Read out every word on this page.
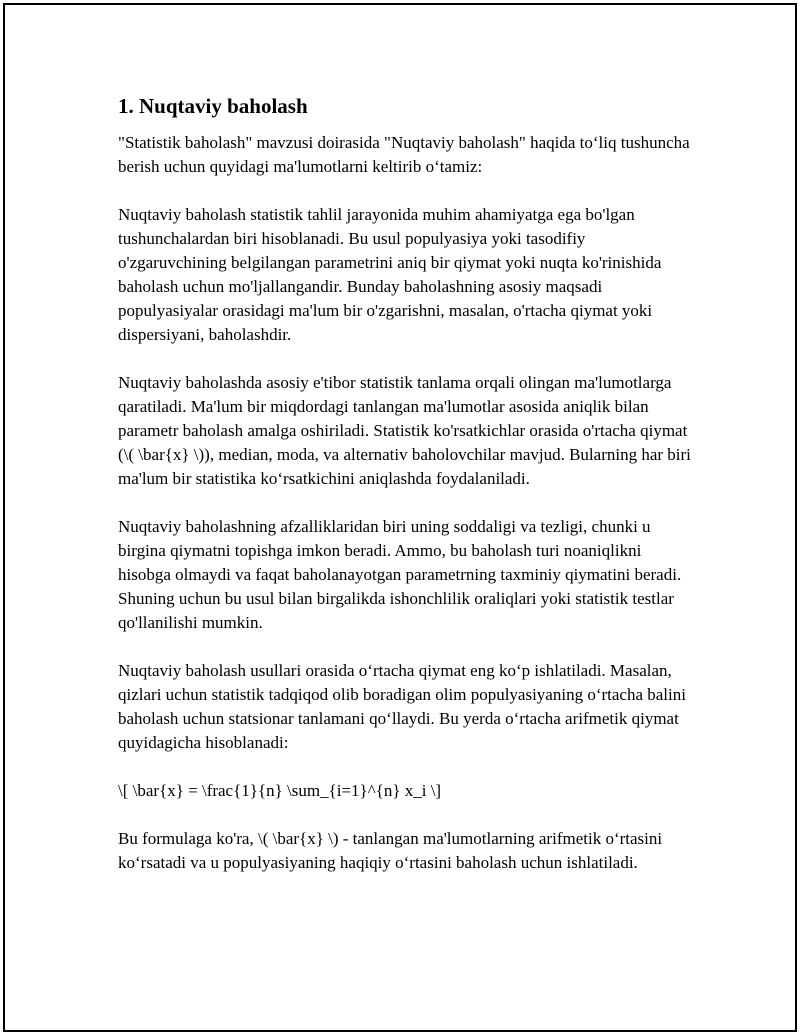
1. Nuqtaviy baholash

"Statistik baholash" mavzusi doirasida "Nuqtaviy baholash" haqida to‘liq tushuncha berish uchun quyidagi ma'lumotlarni keltirib o‘tamiz:

Nuqtaviy baholash statistik tahlil jarayonida muhim ahamiyatga ega bo'lgan tushunchalardan biri hisoblanadi. Bu usul populyasiya yoki tasodifiy o'zgaruvchining belgilangan parametrini aniq bir qiymat yoki nuqta ko'rinishida baholash uchun mo'ljallangandir. Bunday baholashning asosiy maqsadi populyasiyalar orasidagi ma'lum bir o'zgarishni, masalan, o'rtacha qiymat yoki dispersiyani, baholashdir.

Nuqtaviy baholashda asosiy e'tibor statistik tanlama orqali olingan ma'lumotlarga qaratiladi. Ma'lum bir miqdordagi tanlangan ma'lumotlar asosida aniqlik bilan parametr baholash amalga oshiriladi. Statistik ko'rsatkichlar orasida o'rtacha qiymat (\( \bar{x} \)), median, moda, va alternativ baholovchilar mavjud. Bularning har biri ma'lum bir statistika ko‘rsatkichini aniqlashda foydalaniladi.

Nuqtaviy baholashning afzalliklaridan biri uning soddaligi va tezligi, chunki u birgina qiymatni topishga imkon beradi. Ammo, bu baholash turi noaniqlikni hisobga olmaydi va faqat baholanayotgan parametrning taxminiy qiymatini beradi. Shuning uchun bu usul bilan birgalikda ishonchlilik oraliqlari yoki statistik testlar qo'llanilishi mumkin.

Nuqtaviy baholash usullari orasida o‘rtacha qiymat eng ko‘p ishlatiladi. Masalan, qizlari uchun statistik tadqiqod olib boradigan olim populyasiyaning o‘rtacha balini baholash uchun statsionar tanlamani qo‘llaydi. Bu yerda o‘rtacha arifmetik qiymat quyidagicha hisoblanadi:

\[ \bar{x} = \frac{1}{n} \sum_{i=1}^{n} x_i \]

Bu formulaga ko'ra, \( \bar{x} \) - tanlangan ma'lumotlarning arifmetik o‘rtasini ko‘rsatadi va u populyasiyaning haqiqiy o‘rtasini baholash uchun ishlatiladi.
